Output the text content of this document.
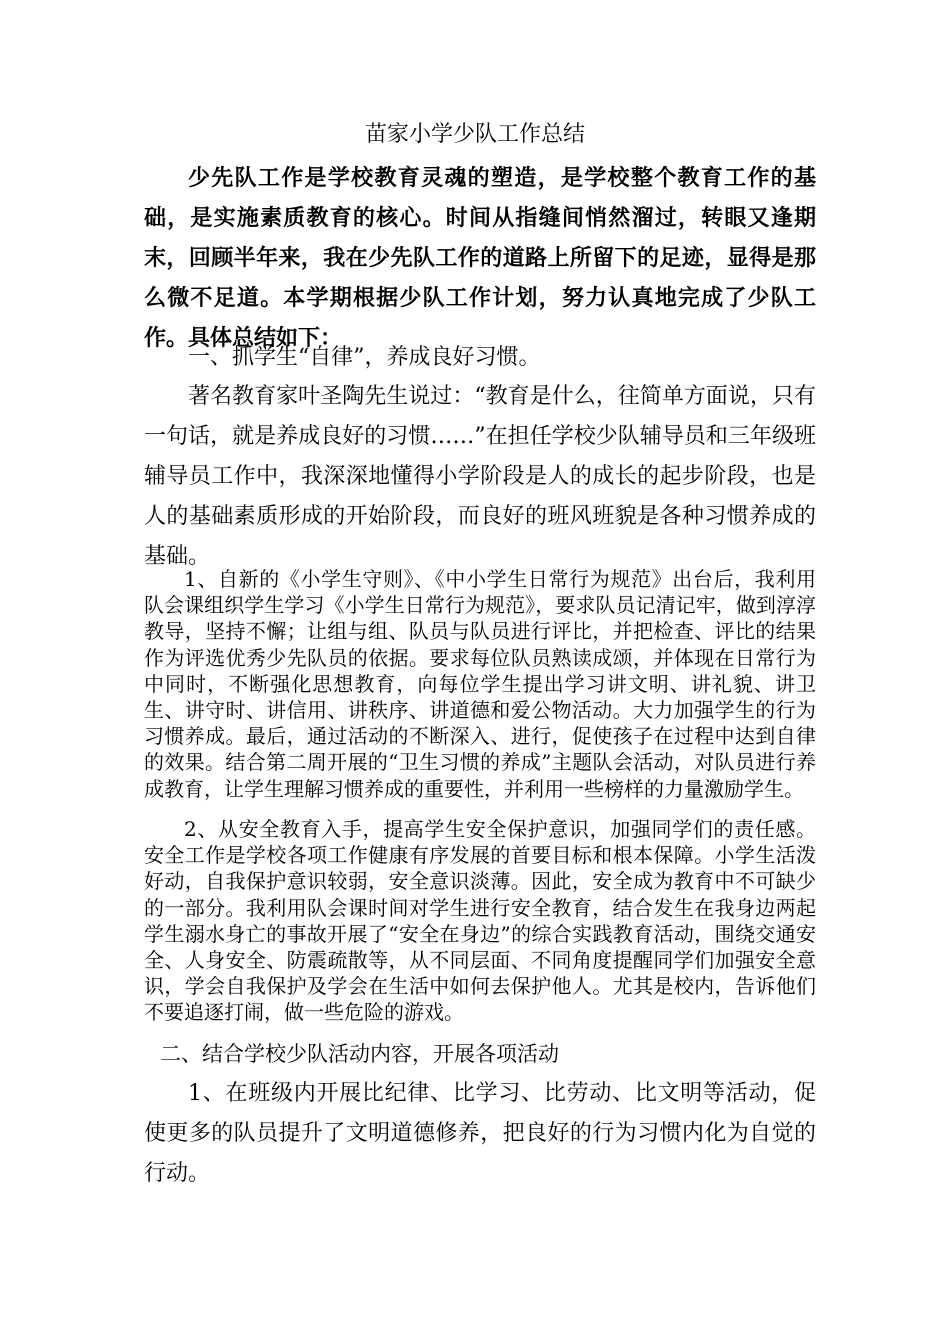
苗家小学少队工作总结

少先队工作是学校教育灵魂的塑造，是学校整个教育工作的基础，是实施素质教育的核心。时间从指缝间悄然溜过，转眼又逢期末，回顾半年来，我在少先队工作的道路上所留下的足迹，显得是那么微不足道。本学期根据少队工作计划，努力认真地完成了少队工作。具体总结如下：

一、抓学生“自律”，养成良好习惯。

著名教育家叶圣陶先生说过：“教育是什么，往简单方面说，只有一句话，就是养成良好的习惯……”在担任学校少队辅导员和三年级班辅导员工作中，我深深地懂得小学阶段是人的成长的起步阶段，也是人的基础素质形成的开始阶段，而良好的班风班貌是各种习惯养成的基础。

1、自新的《小学生守则》、《中小学生日常行为规范》出台后，我利用队会课组织学生学习《小学生日常行为规范》，要求队员记清记牢，做到淳淳教导，坚持不懈；让组与组、队员与队员进行评比，并把检查、评比的结果作为评选优秀少先队员的依据。要求每位队员熟读成颂，并体现在日常行为中同时，不断强化思想教育，向每位学生提出学习讲文明、讲礼貌、讲卫生、讲守时、讲信用、讲秩序、讲道德和爱公物活动。大力加强学生的行为习惯养成。最后，通过活动的不断深入、进行，促使孩子在过程中达到自律的效果。结合第二周开展的“卫生习惯的养成”主题队会活动，对队员进行养成教育，让学生理解习惯养成的重要性，并利用一些榜样的力量激励学生。

2、从安全教育入手，提高学生安全保护意识，加强同学们的责任感。安全工作是学校各项工作健康有序发展的首要目标和根本保障。小学生活泼好动，自我保护意识较弱，安全意识淡薄。因此，安全成为教育中不可缺少的一部分。我利用队会课时间对学生进行安全教育，结合发生在我身边两起学生溺水身亡的事故开展了“安全在身边”的综合实践教育活动，围绕交通安全、人身安全、防震疏散等，从不同层面、不同角度提醒同学们加强安全意识，学会自我保护及学会在生活中如何去保护他人。尤其是校内，告诉他们不要追逐打闹，做一些危险的游戏。

二、结合学校少队活动内容，开展各项活动

1、在班级内开展比纪律、比学习、比劳动、比文明等活动，促使更多的队员提升了文明道德修养，把良好的行为习惯内化为自觉的行动。
